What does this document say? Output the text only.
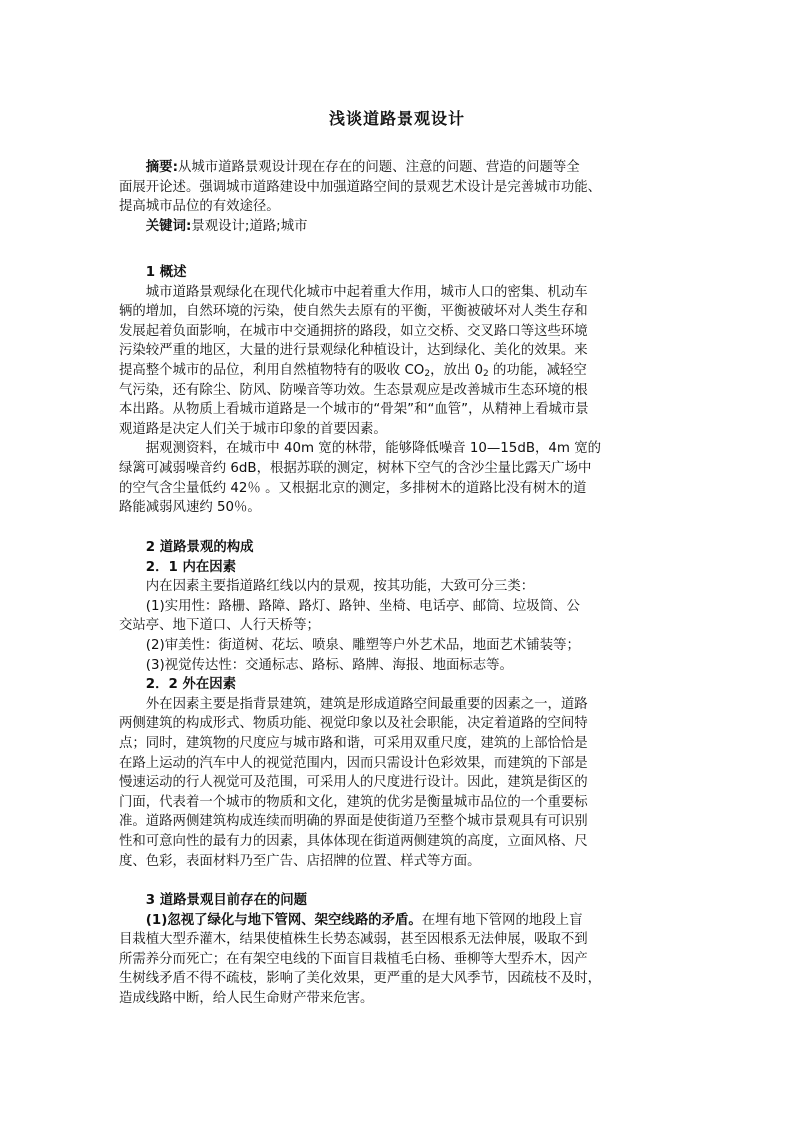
浅谈道路景观设计
摘要:从城市道路景观设计现在存在的问题、注意的问题、营造的问题等全
面展开论述。强调城市道路建设中加强道路空间的景观艺术设计是完善城市功能、
提高城市品位的有效途径。
关键词:景观设计;道路;城市
1 概述
城市道路景观绿化在现代化城市中起着重大作用，城市人口的密集、机动车
辆的增加，自然环境的污染，使自然失去原有的平衡，平衡被破坏对人类生存和
发展起着负面影响，在城市中交通拥挤的路段，如立交桥、交叉路口等这些环境
污染较严重的地区，大量的进行景观绿化种植设计，达到绿化、美化的效果。来
提高整个城市的品位，利用自然植物特有的吸收 $CO_2$，放出 $0_2$ 的功能，减轻空
气污染，还有除尘、防风、防噪音等功效。生态景观应是改善城市生态环境的根
本出路。从物质上看城市道路是一个城市的“骨架”和“血管”，从精神上看城市景
观道路是决定人们关于城市印象的首要因素。
据观测资料，在城市中 40m 宽的林带，能够降低噪音 10—15dB，4m 宽的
绿篱可减弱噪音约 6dB，根据苏联的测定，树林下空气的含沙尘量比露天广场中
的空气含尘量低约 42％ 。又根据北京的测定，多排树木的道路比没有树木的道
路能减弱风速约 50％。
2 道路景观的构成
2．1 内在因素
内在因素主要指道路红线以内的景观，按其功能，大致可分三类：
(1)实用性：路栅、路障、路灯、路钟、坐椅、电话亭、邮筒、垃圾筒、公
交站亭、地下道口、人行天桥等；
(2)审美性：街道树、花坛、喷泉、雕塑等户外艺术品，地面艺术铺装等；
(3)视觉传达性：交通标志、路标、路牌、海报、地面标志等。
2．2 外在因素
外在因素主要是指背景建筑，建筑是形成道路空间最重要的因素之一，道路
两侧建筑的构成形式、物质功能、视觉印象以及社会职能，决定着道路的空间特
点；同时，建筑物的尺度应与城市路和谐，可采用双重尺度，建筑的上部恰恰是
在路上运动的汽车中人的视觉范围内，因而只需设计色彩效果，而建筑的下部是
慢速运动的行人视觉可及范围，可采用人的尺度进行设计。因此，建筑是街区的
门面，代表着一个城市的物质和文化，建筑的优劣是衡量城市品位的一个重要标
准。道路两侧建筑构成连续而明确的界面是使街道乃至整个城市景观具有可识别
性和可意向性的最有力的因素，具体体现在街道两侧建筑的高度，立面风格、尺
度、色彩，表面材料乃至广告、店招牌的位置、样式等方面。
3 道路景观目前存在的问题
(1)忽视了绿化与地下管网、架空线路的矛盾。在埋有地下管网的地段上盲
目栽植大型乔灌木，结果使植株生长势态减弱，甚至因根系无法伸展，吸取不到
所需养分而死亡；在有架空电线的下面盲目栽植毛白杨、垂柳等大型乔木，因产
生树线矛盾不得不疏枝，影响了美化效果，更严重的是大风季节，因疏枝不及时，
造成线路中断，给人民生命财产带来危害。
